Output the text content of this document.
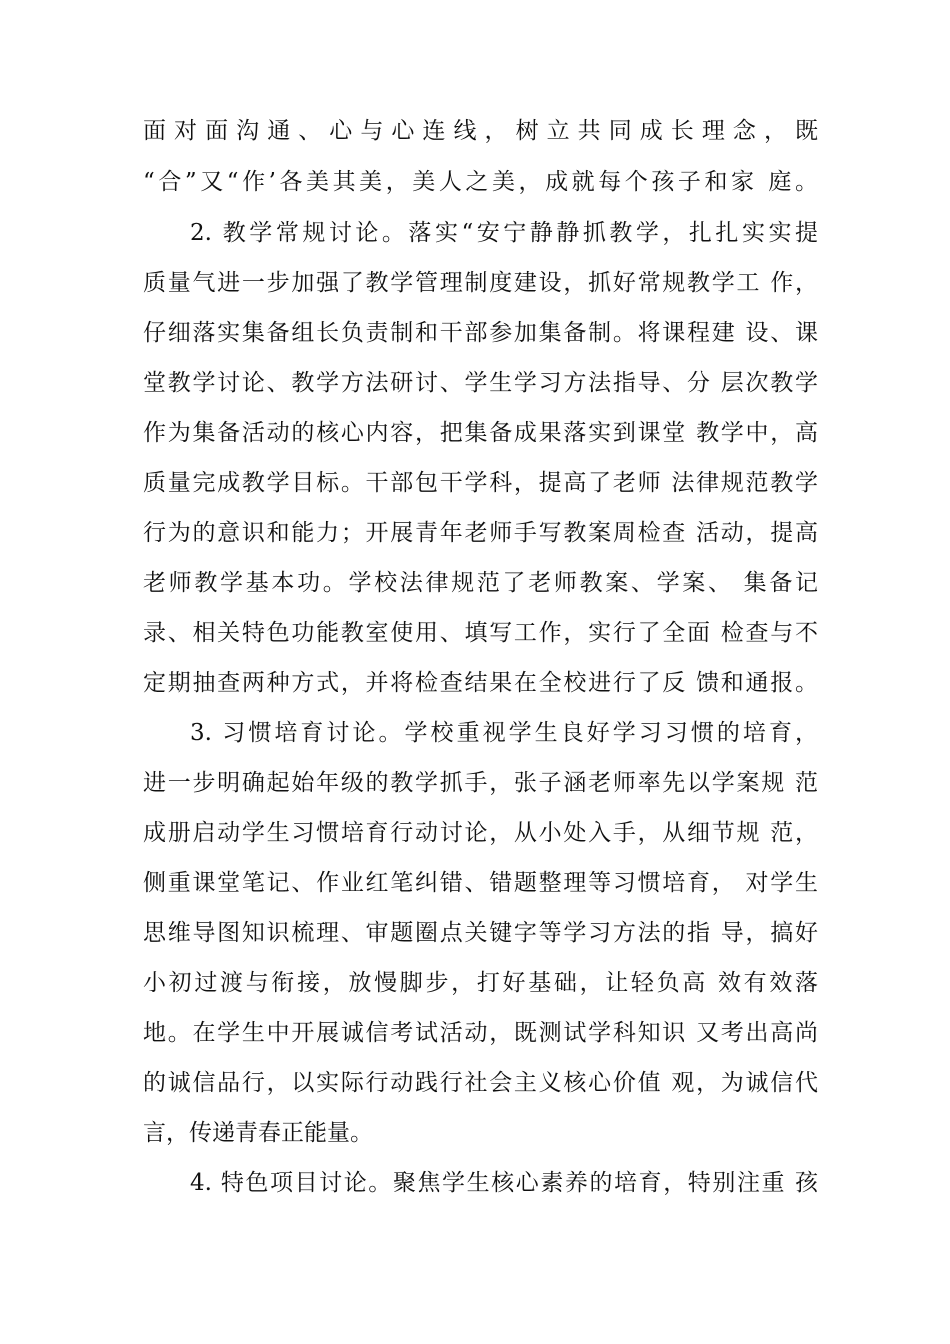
面对面沟通、心与心连线，树立共同成长理念，既
“合”又“作’各美其美，美人之美，成就每个孩子和家 庭。
2. 教学常规讨论。落实“安宁静静抓教学，扎扎实实提
质量气进一步加强了教学管理制度建设，抓好常规教学工 作，
仔细落实集备组长负责制和干部参加集备制。将课程建 设、课
堂教学讨论、教学方法研讨、学生学习方法指导、分 层次教学
作为集备活动的核心内容，把集备成果落实到课堂 教学中，高
质量完成教学目标。干部包干学科，提高了老师 法律规范教学
行为的意识和能力；开展青年老师手写教案周检查 活动，提高
老师教学基本功。学校法律规范了老师教案、学案、 集备记
录、相关特色功能教室使用、填写工作，实行了全面 检查与不
定期抽查两种方式，并将检查结果在全校进行了反 馈和通报。
3. 习惯培育讨论。学校重视学生良好学习习惯的培育，
进一步明确起始年级的教学抓手，张子涵老师率先以学案规 范
成册启动学生习惯培育行动讨论，从小处入手，从细节规 范，
侧重课堂笔记、作业红笔纠错、错题整理等习惯培育， 对学生
思维导图知识梳理、审题圈点关键字等学习方法的指 导，搞好
小初过渡与衔接，放慢脚步，打好基础，让轻负高 效有效落
地。在学生中开展诚信考试活动，既测试学科知识 又考出高尚
的诚信品行，以实际行动践行社会主义核心价值 观，为诚信代
言，传递青春正能量。
4. 特色项目讨论。聚焦学生核心素养的培育，特别注重 孩
